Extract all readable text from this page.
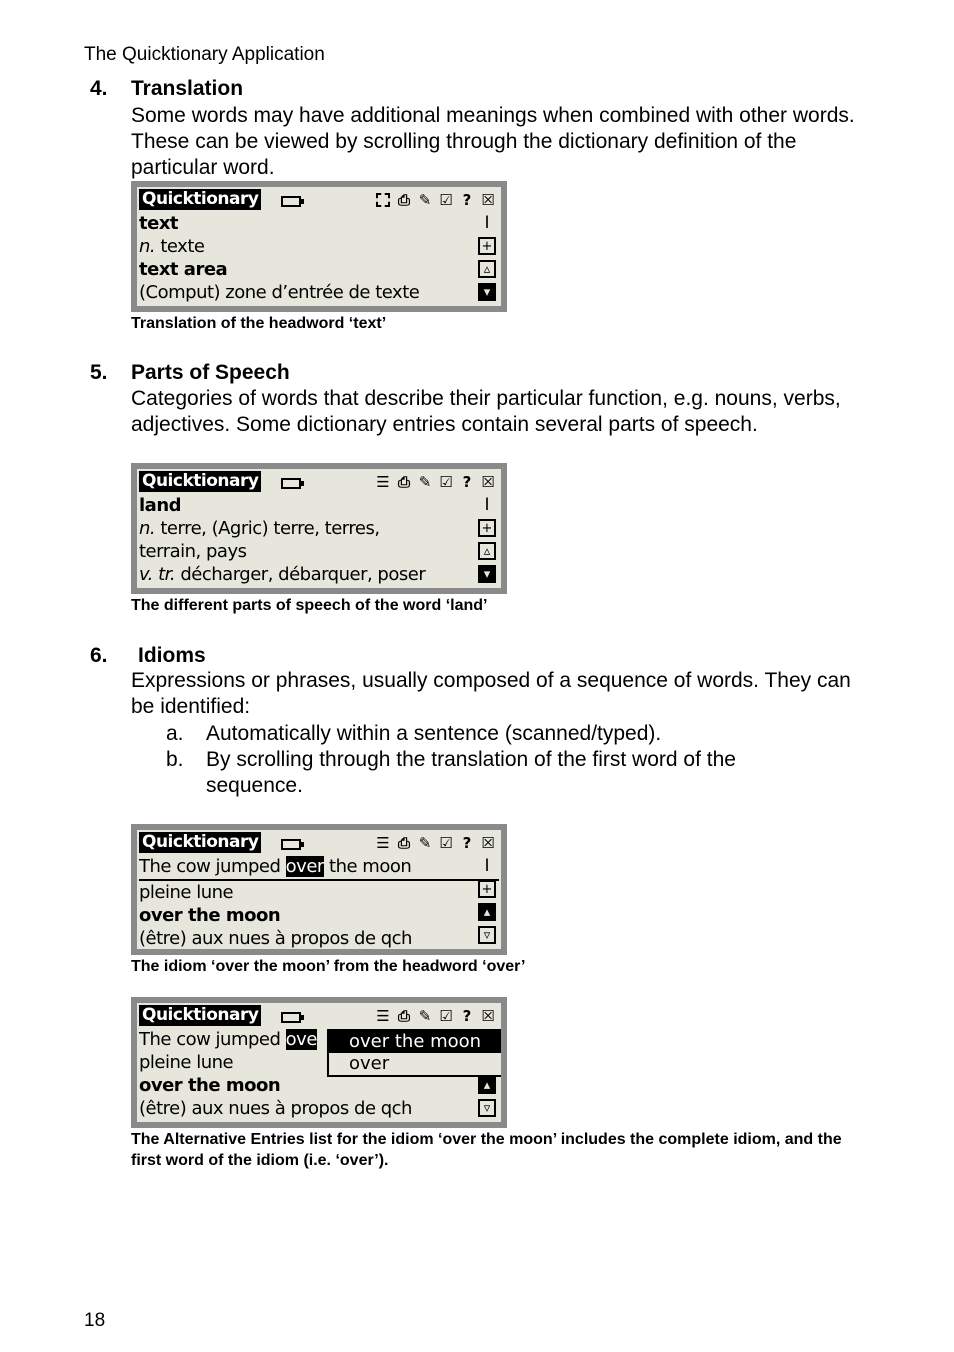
The Quicktionary Application
4. Translation
Some words may have additional meanings when combined with other words. These can be viewed by scrolling through the dictionary definition of the particular word.
Quicktionary	⎙ ✎ ☑ ? ☒
text
n. texte
text area
(Comput) zone d’entrée de texte
I
+
▵
▾
Translation of the headword ‘text’
5. Parts of Speech
Categories of words that describe their particular function, e.g. nouns, verbs, adjectives. Some dictionary entries contain several parts of speech.
Quicktionary	☰ ⎙ ✎ ☑ ? ☒
land
n. terre, (Agric) terre, terres,
terrain, pays
v. tr. décharger, débarquer, poser
I
+
▵
▾
The different parts of speech of the word ‘land’
6. Idioms
Expressions or phrases, usually composed of a sequence of words. They can be identified:
a. Automatically within a sentence (scanned/typed).
b. By scrolling through the translation of the first word of the sequence.
Quicktionary	☰ ⎙ ✎ ☑ ? ☒
The cow jumped over the moon
pleine lune
over the moon
(être) aux nues à propos de qch
I
+
▴
▿
The idiom ‘over the moon’ from the headword ‘over’
Quicktionary	☰ ⎙ ✎ ☑ ? ☒
The cow jumped ove
pleine lune
over the moon
(être) aux nues à propos de qch
over the moon
over
▴
▿
The Alternative Entries list for the idiom ‘over the moon’ includes the complete idiom, and the first word of the idiom (i.e. ‘over’).
18
